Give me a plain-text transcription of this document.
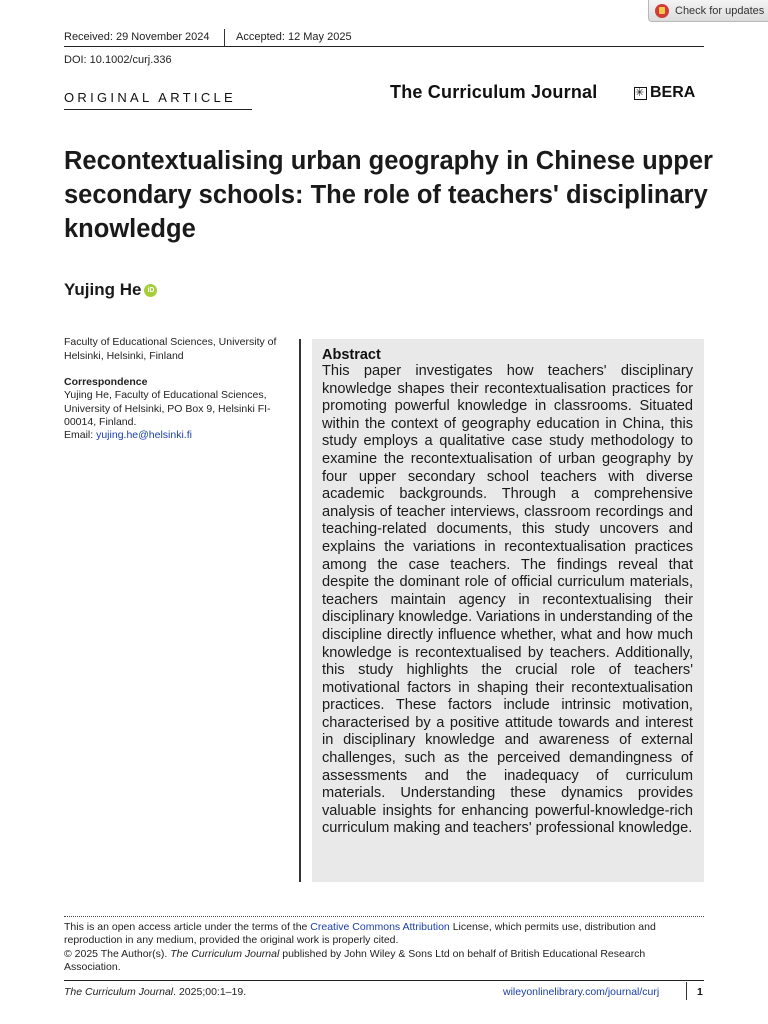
Check for updates
Received: 29 November 2024 Accepted: 12 May 2025
DOI: 10.1002/curj.336
ORIGINAL ARTICLE	The Curriculum Journal
✳	BERA
Recontextualising urban geography in Chinese upper secondary schools: The role of teachers' disciplinary knowledge
Yujing He iD
Faculty of Educational Sciences, University of Helsinki, Helsinki, Finland
Correspondence
Yujing He, Faculty of Educational Sciences, University of Helsinki, PO Box 9, Helsinki FI-00014, Finland.
Email: yujing.he@helsinki.fi
Abstract

This paper investigates how teachers' disciplinary knowledge shapes their recontextualisation practices for promoting powerful knowledge in classrooms. Situated within the context of geography education in China, this study employs a qualitative case study methodology to examine the recontextualisation of urban geography by four upper secondary school teachers with diverse academic backgrounds. Through a comprehensive analysis of teacher interviews, classroom recordings and teaching-related documents, this study uncovers and explains the variations in recontextualisation practices among the case teachers. The findings reveal that despite the dominant role of official curriculum materials, teachers maintain agency in recontextualising their disciplinary knowledge. Variations in understanding of the discipline directly influence whether, what and how much knowledge is recontextualised by teachers. Additionally, this study highlights the crucial role of teachers' motivational factors in shaping their recontextualisation practices. These factors include intrinsic motivation, characterised by a positive attitude towards and interest in disciplinary knowledge and awareness of external challenges, such as the perceived demandingness of assessments and the inadequacy of curriculum materials. Understanding these dynamics provides valuable insights for enhancing powerful-knowledge-rich curriculum making and teachers' professional knowledge.

This is an open access article under the terms of the Creative Commons Attribution License, which permits use, distribution and reproduction in any medium, provided the original work is properly cited.
© 2025 The Author(s). The Curriculum Journal published by John Wiley & Sons Ltd on behalf of British Educational Research Association.
The Curriculum Journal. 2025;00:1–19.	wileyonlinelibrary.com/journal/curj	1
